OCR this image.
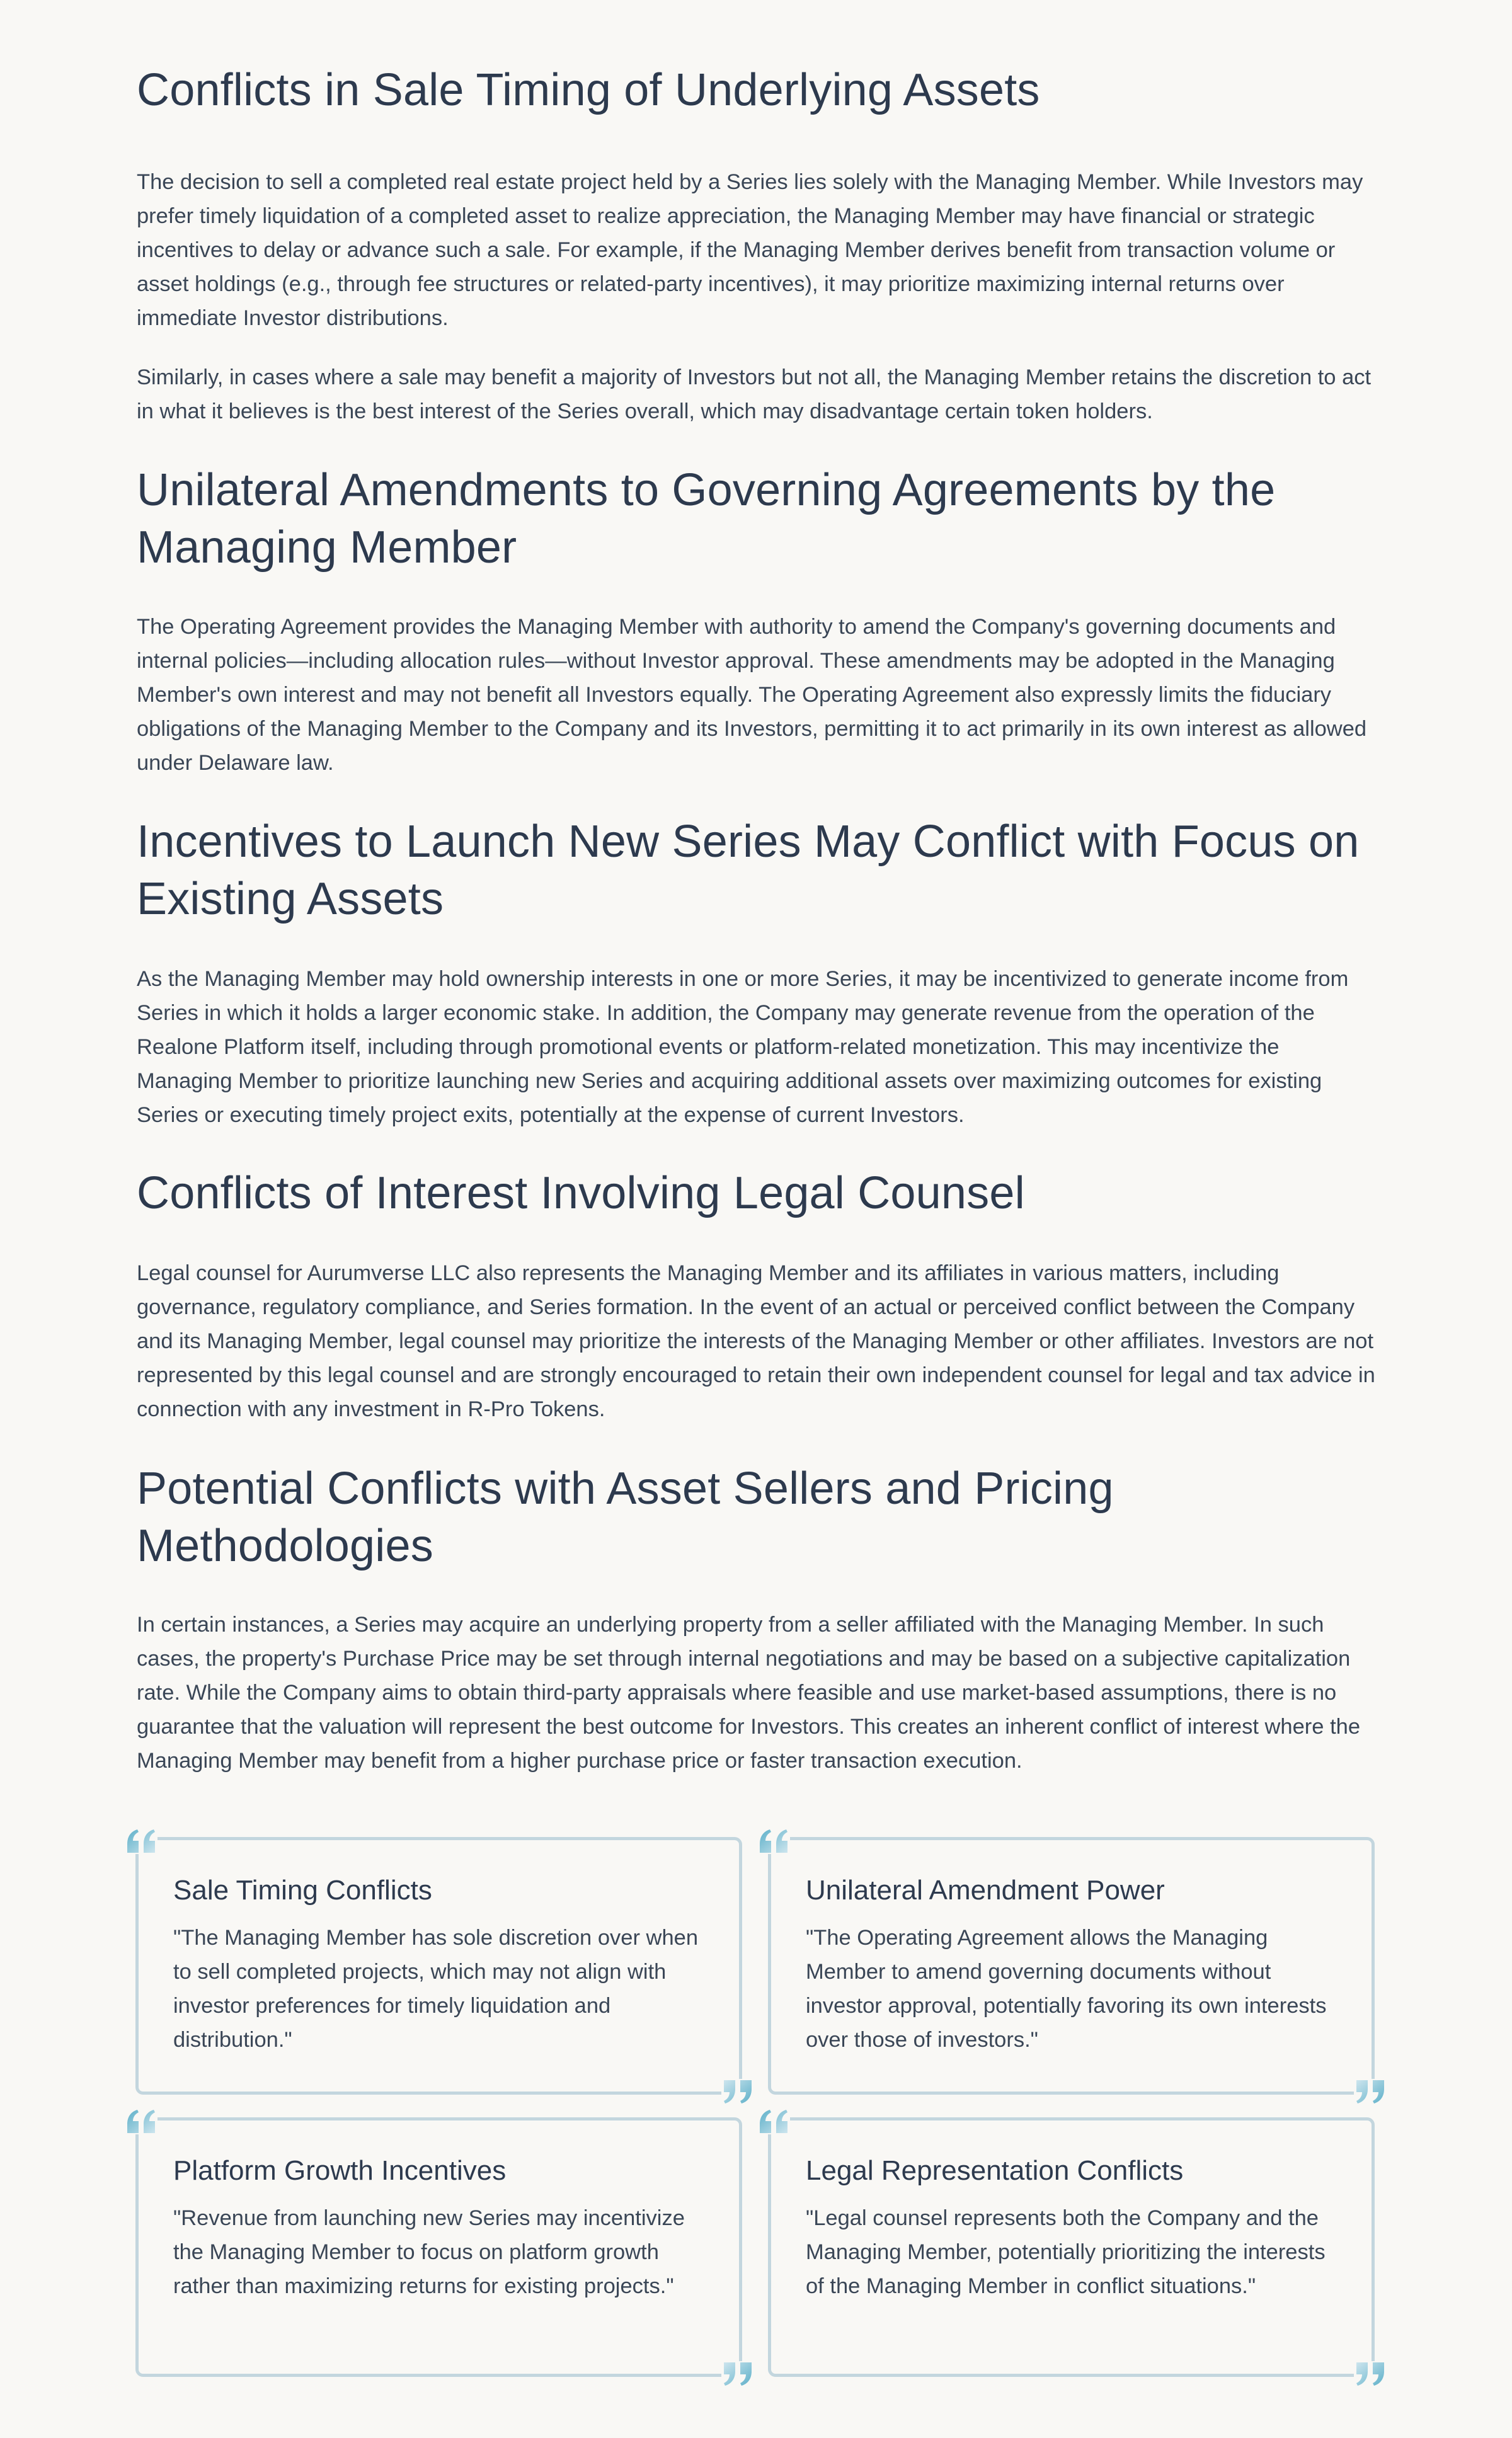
Conflicts in Sale Timing of Underlying Assets

The decision to sell a completed real estate project held by a Series lies solely with the Managing Member. While Investors may prefer timely liquidation of a completed asset to realize appreciation, the Managing Member may have financial or strategic incentives to delay or advance such a sale. For example, if the Managing Member derives benefit from transaction volume or asset holdings (e.g., through fee structures or related-party incentives), it may prioritize maximizing internal returns over immediate Investor distributions.

Similarly, in cases where a sale may benefit a majority of Investors but not all, the Managing Member retains the discretion to act in what it believes is the best interest of the Series overall, which may disadvantage certain token holders.

Unilateral Amendments to Governing Agreements by the Managing Member

The Operating Agreement provides the Managing Member with authority to amend the Company's governing documents and internal policies—including allocation rules—without Investor approval. These amendments may be adopted in the Managing Member's own interest and may not benefit all Investors equally. The Operating Agreement also expressly limits the fiduciary obligations of the Managing Member to the Company and its Investors, permitting it to act primarily in its own interest as allowed under Delaware law.

Incentives to Launch New Series May Conflict with Focus on Existing Assets

As the Managing Member may hold ownership interests in one or more Series, it may be incentivized to generate income from Series in which it holds a larger economic stake. In addition, the Company may generate revenue from the operation of the Realone Platform itself, including through promotional events or platform-related monetization. This may incentivize the Managing Member to prioritize launching new Series and acquiring additional assets over maximizing outcomes for existing Series or executing timely project exits, potentially at the expense of current Investors.

Conflicts of Interest Involving Legal Counsel

Legal counsel for Aurumverse LLC also represents the Managing Member and its affiliates in various matters, including governance, regulatory compliance, and Series formation. In the event of an actual or perceived conflict between the Company and its Managing Member, legal counsel may prioritize the interests of the Managing Member or other affiliates. Investors are not represented by this legal counsel and are strongly encouraged to retain their own independent counsel for legal and tax advice in connection with any investment in R-Pro Tokens.

Potential Conflicts with Asset Sellers and Pricing Methodologies

In certain instances, a Series may acquire an underlying property from a seller affiliated with the Managing Member. In such cases, the property's Purchase Price may be set through internal negotiations and may be based on a subjective capitalization rate. While the Company aims to obtain third-party appraisals where feasible and use market-based assumptions, there is no guarantee that the valuation will represent the best outcome for Investors. This creates an inherent conflict of interest where the Managing Member may benefit from a higher purchase price or faster transaction execution.

Sale Timing Conflicts

"The Managing Member has sole discretion over when to sell completed projects, which may not align with investor preferences for timely liquidation and distribution."

Unilateral Amendment Power

"The Operating Agreement allows the Managing Member to amend governing documents without investor approval, potentially favoring its own interests over those of investors."

Platform Growth Incentives

"Revenue from launching new Series may incentivize the Managing Member to focus on platform growth rather than maximizing returns for existing projects."

Legal Representation Conflicts

"Legal counsel represents both the Company and the Managing Member, potentially prioritizing the interests of the Managing Member in conflict situations."
